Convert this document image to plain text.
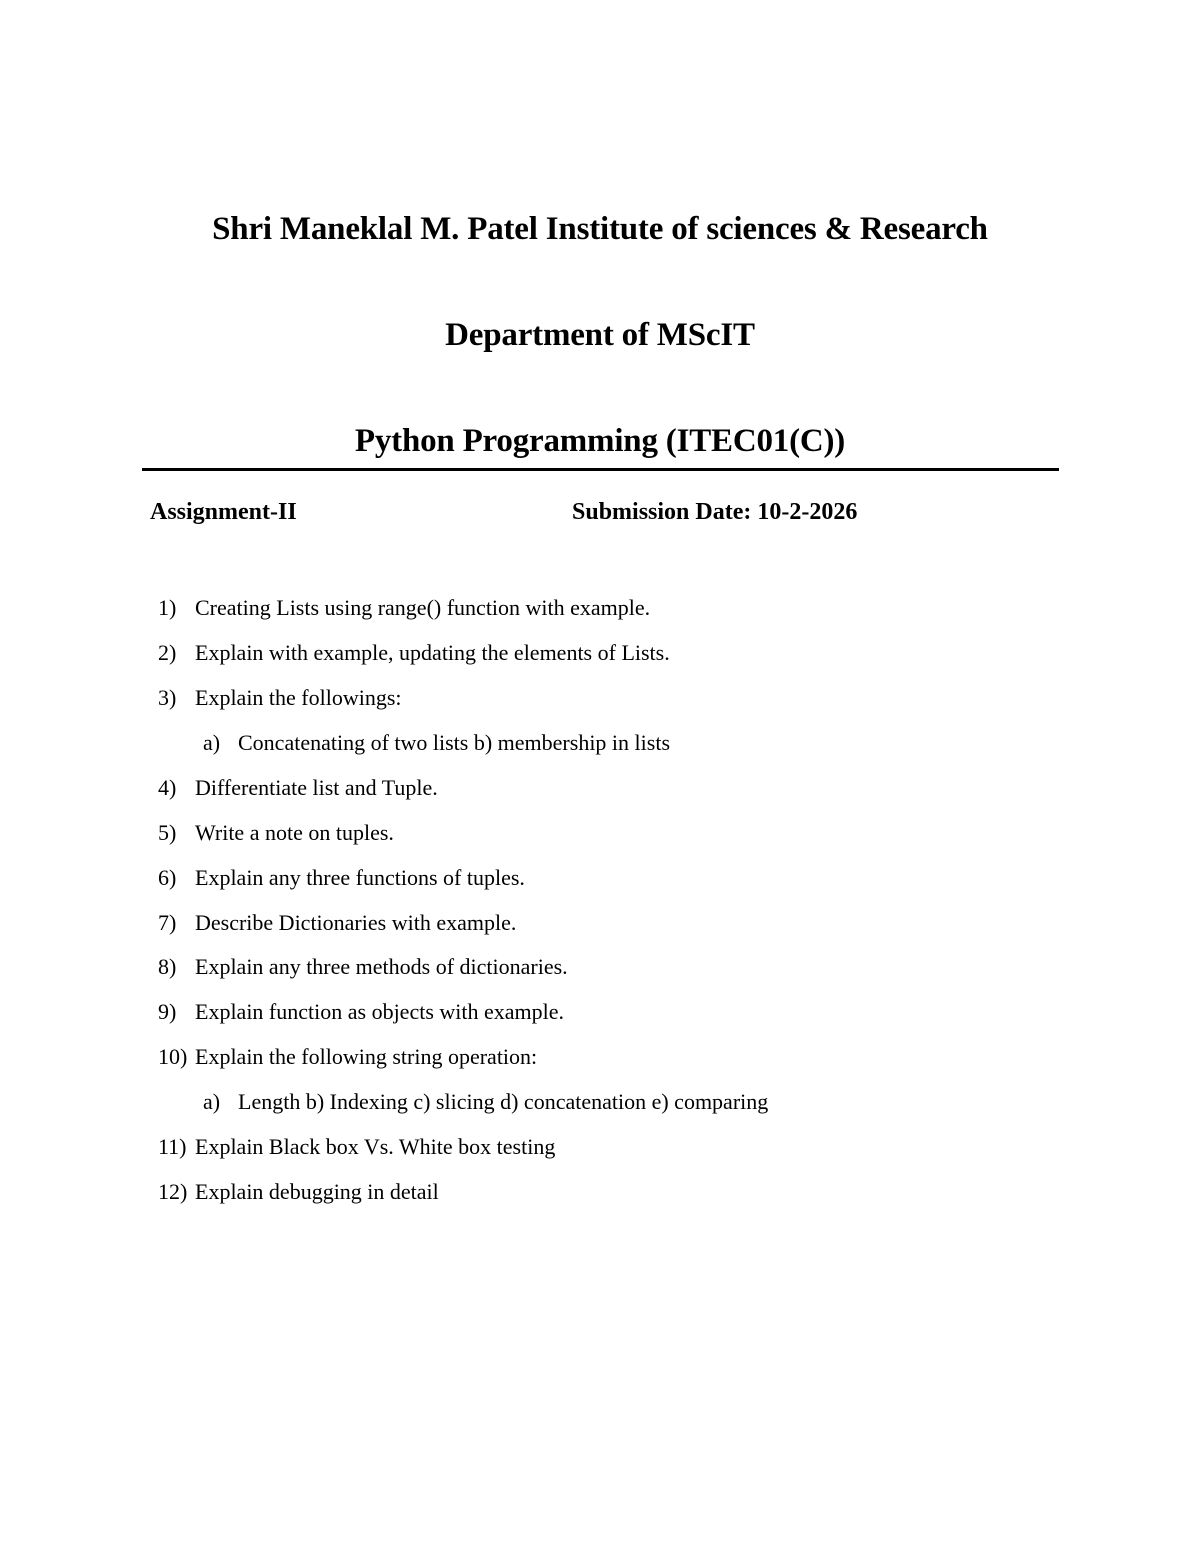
Shri Maneklal M. Patel Institute of sciences & Research
Department of MScIT
Python Programming (ITEC01(C))
Assignment-II	Submission Date: 10-2-2026
1) Creating Lists using range() function with example.
2) Explain with example, updating the elements of Lists.
3) Explain the followings:
a) Concatenating of two lists b) membership in lists
4) Differentiate list and Tuple.
5) Write a note on tuples.
6) Explain any three functions of tuples.
7) Describe Dictionaries with example.
8) Explain any three methods of dictionaries.
9) Explain function as objects with example.
10) Explain the following string operation:
a) Length b) Indexing c) slicing d) concatenation e) comparing
11) Explain Black box Vs. White box testing
12) Explain debugging in detail
